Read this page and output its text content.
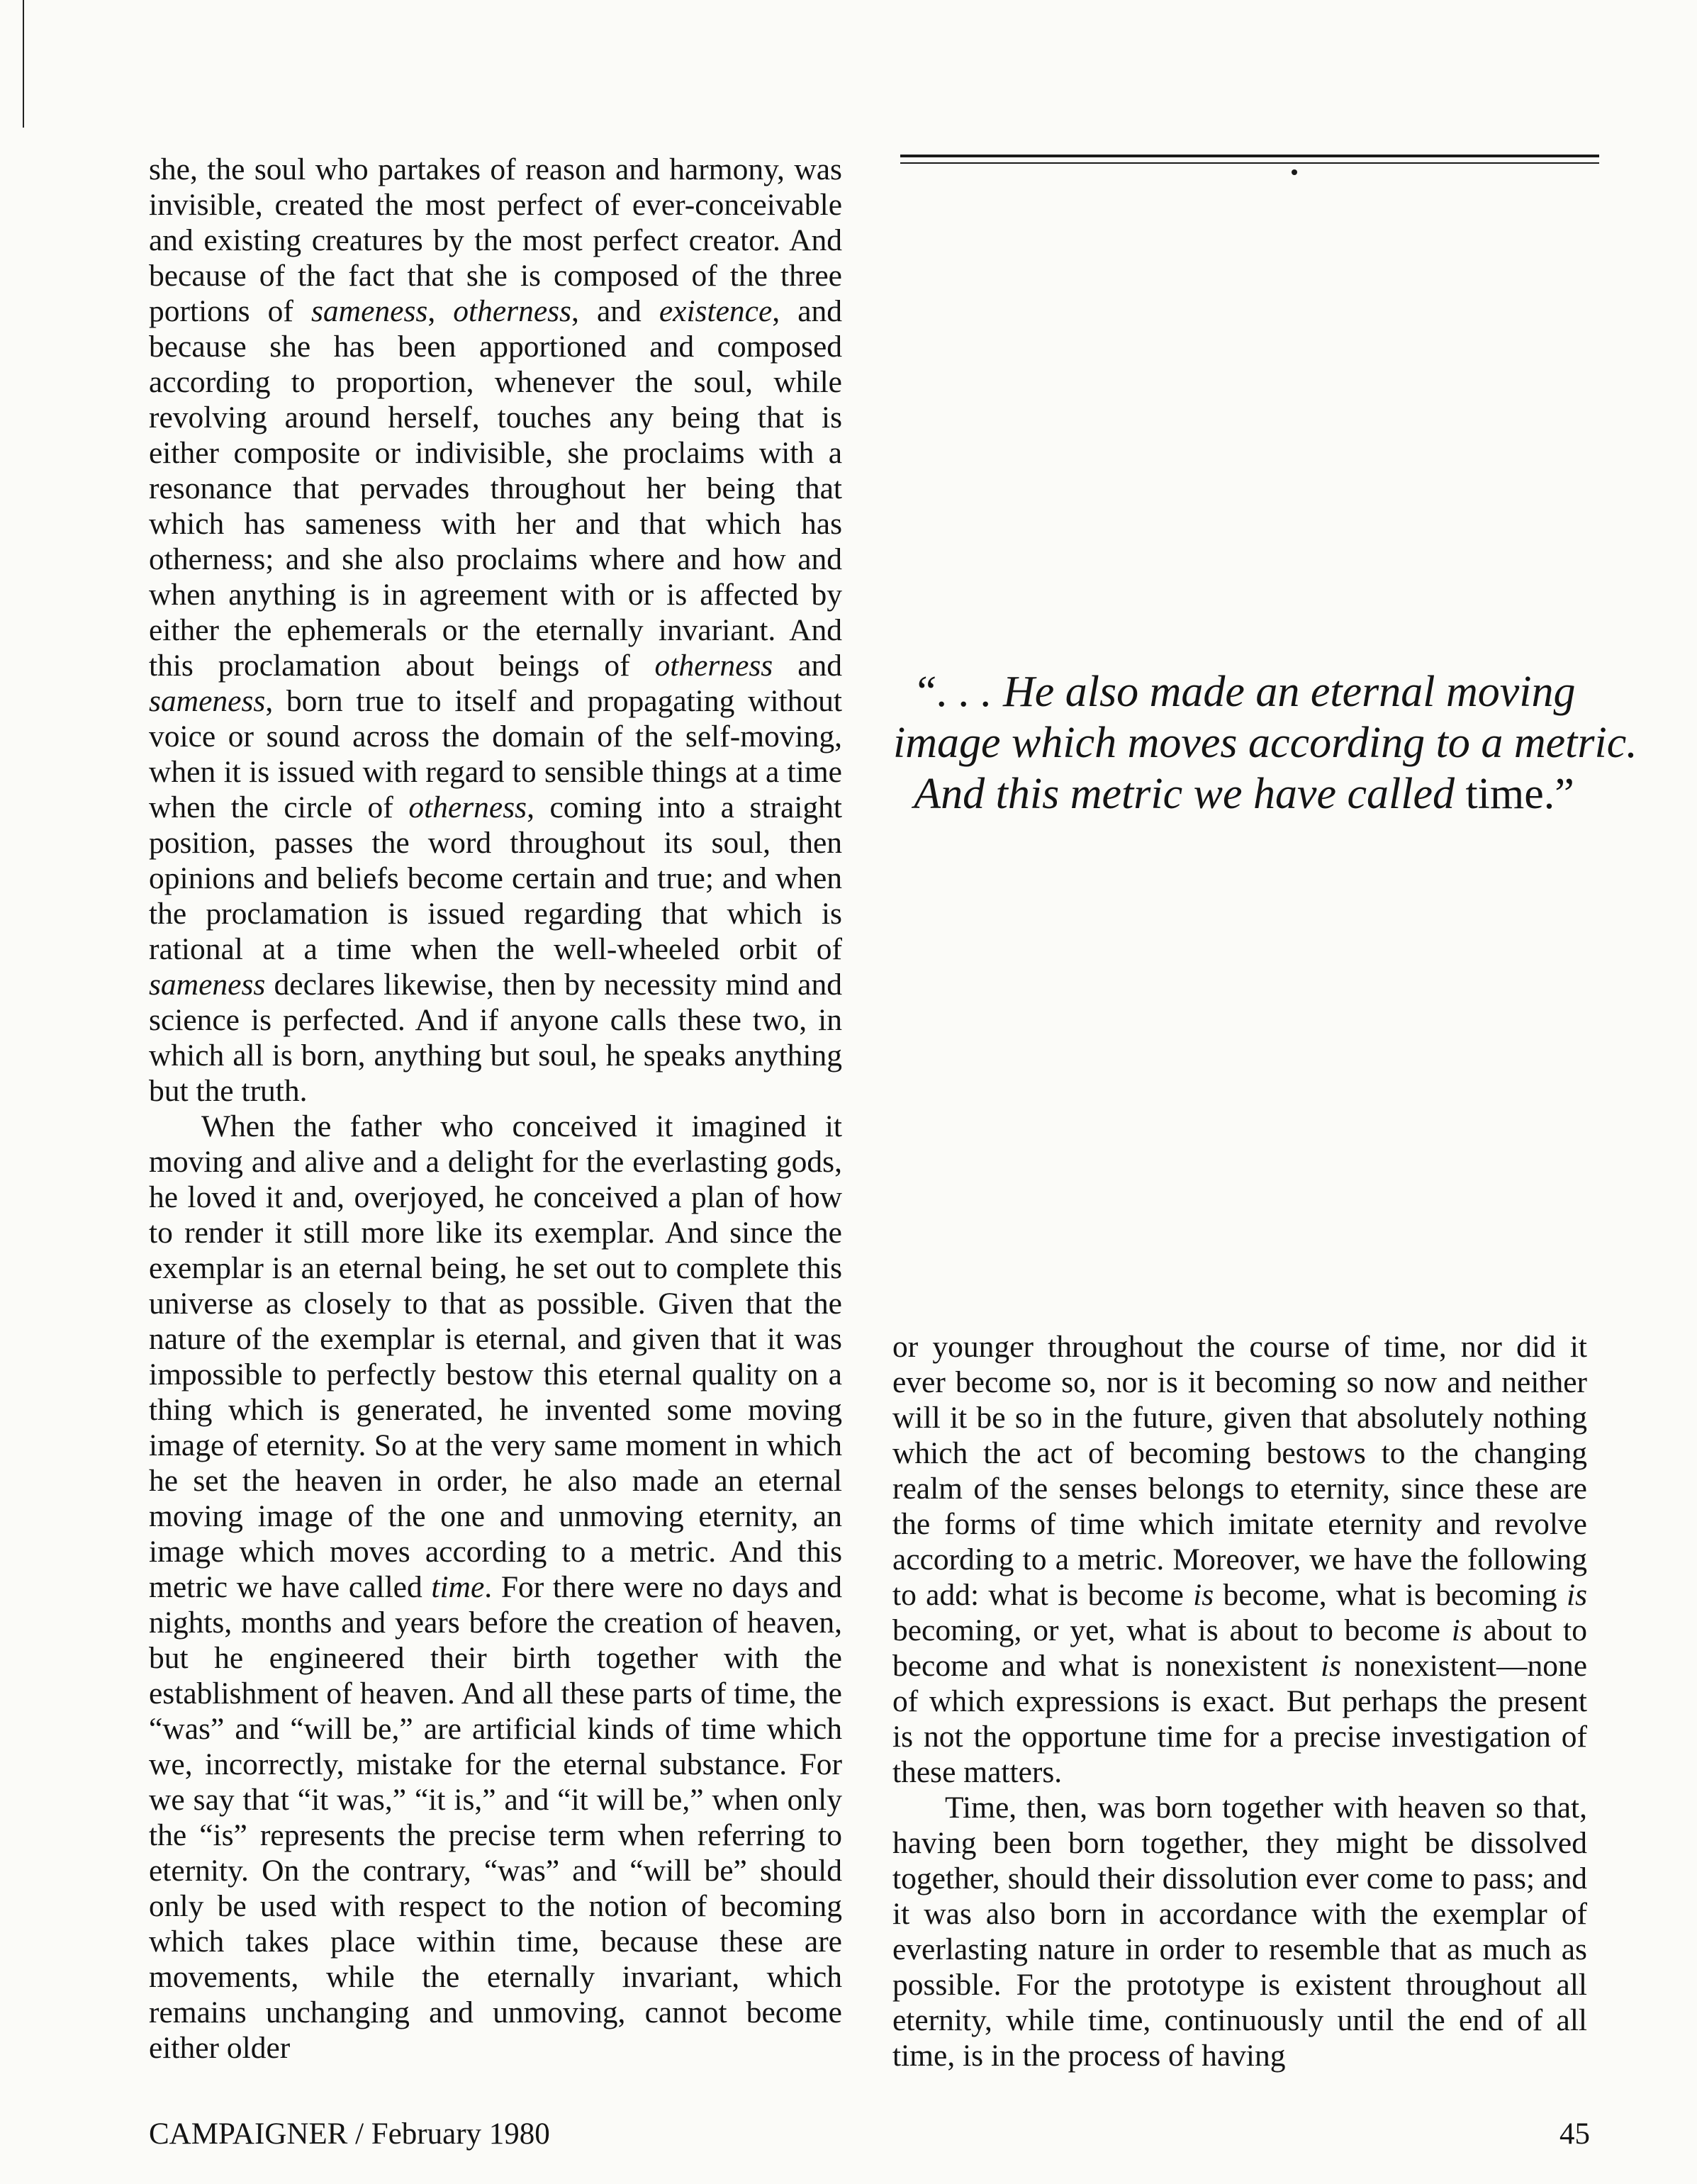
she, the soul who partakes of reason and harmony, was invisible, created the most perfect of ever-conceivable and existing creatures by the most perfect creator. And because of the fact that she is composed of the three portions of sameness, otherness, and existence, and because she has been apportioned and composed according to proportion, whenever the soul, while revolving around herself, touches any being that is either composite or indivisible, she proclaims with a resonance that pervades throughout her being that which has sameness with her and that which has otherness; and she also proclaims where and how and when anything is in agreement with or is affected by either the ephemerals or the eternally invariant. And this proclamation about beings of otherness and sameness, born true to itself and propagating without voice or sound across the domain of the self-moving, when it is issued with regard to sensible things at a time when the circle of otherness, coming into a straight position, passes the word throughout its soul, then opinions and beliefs become certain and true; and when the proclamation is issued regarding that which is rational at a time when the well-wheeled orbit of sameness declares likewise, then by necessity mind and science is perfected. And if anyone calls these two, in which all is born, anything but soul, he speaks anything but the truth.

When the father who conceived it imagined it moving and alive and a delight for the everlasting gods, he loved it and, overjoyed, he conceived a plan of how to render it still more like its exemplar. And since the exemplar is an eternal being, he set out to complete this universe as closely to that as possible. Given that the nature of the exemplar is eternal, and given that it was impossible to perfectly bestow this eternal quality on a thing which is generated, he invented some moving image of eternity. So at the very same moment in which he set the heaven in order, he also made an eternal moving image of the one and unmoving eternity, an image which moves according to a metric. And this metric we have called time. For there were no days and nights, months and years before the creation of heaven, but he engineered their birth together with the establishment of heaven. And all these parts of time, the “was” and “will be,” are artificial kinds of time which we, incorrectly, mistake for the eternal substance. For we say that “it was,” “it is,” and “it will be,” when only the “is” represents the precise term when referring to eternity. On the contrary, “was” and “will be” should only be used with respect to the notion of becoming which takes place within time, because these are movements, while the eternally invariant, which remains unchanging and unmoving, cannot become either older

“. . . He also made an eternal moving
image which moves according to a metric.
And this metric we have called time.”

or younger throughout the course of time, nor did it ever become so, nor is it becoming so now and neither will it be so in the future, given that absolutely nothing which the act of becoming bestows to the changing realm of the senses belongs to eternity, since these are the forms of time which imitate eternity and revolve according to a metric. Moreover, we have the following to add: what is become is become, what is becoming is becoming, or yet, what is about to become is about to become and what is nonexistent is nonexistent—none of which expressions is exact. But perhaps the present is not the opportune time for a precise investigation of these matters.

Time, then, was born together with heaven so that, having been born together, they might be dissolved together, should their dissolution ever come to pass; and it was also born in accordance with the exemplar of everlasting nature in order to resemble that as much as possible. For the prototype is existent throughout all eternity, while time, continuously until the end of all time, is in the process of having

CAMPAIGNER / February 1980	45
